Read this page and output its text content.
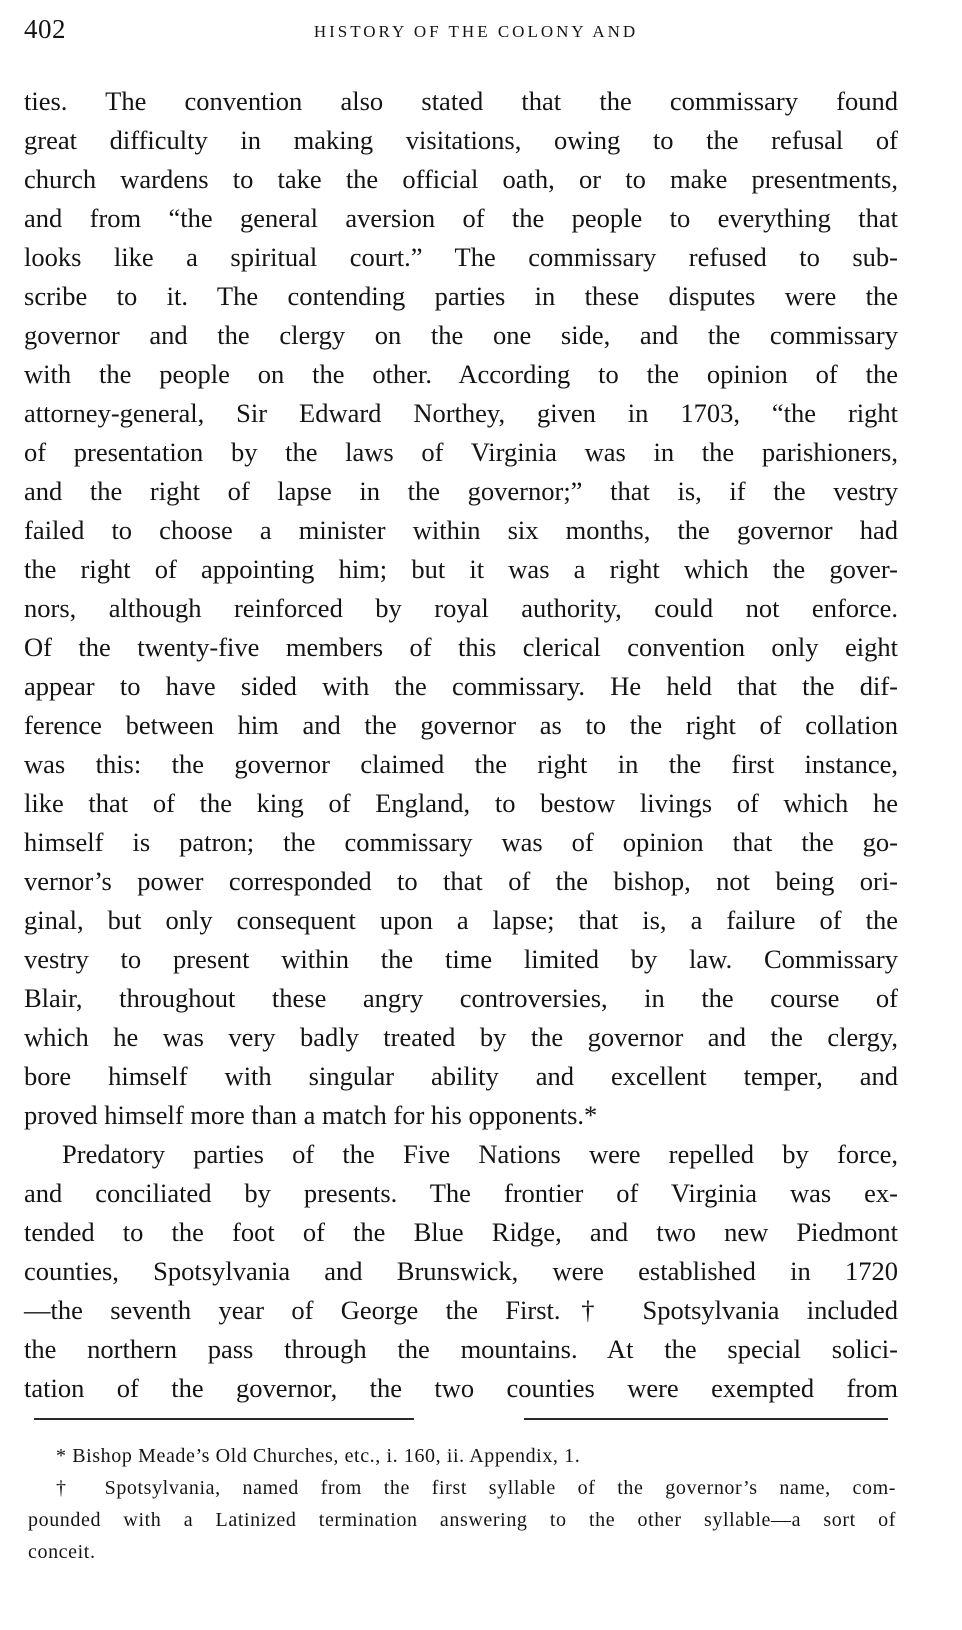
402	HISTORY OF THE COLONY AND
ties. The convention also stated that the commissary found
great difficulty in making visitations, owing to the refusal of
church wardens to take the official oath, or to make presentments,
and from “the general aversion of the people to everything that
looks like a spiritual court.” The commissary refused to sub-
scribe to it. The contending parties in these disputes were the
governor and the clergy on the one side, and the commissary
with the people on the other. According to the opinion of the
attorney-general, Sir Edward Northey, given in 1703, “the right
of presentation by the laws of Virginia was in the parishioners,
and the right of lapse in the governor;” that is, if the vestry
failed to choose a minister within six months, the governor had
the right of appointing him; but it was a right which the gover-
nors, although reinforced by royal authority, could not enforce.
Of the twenty-five members of this clerical convention only eight
appear to have sided with the commissary. He held that the dif-
ference between him and the governor as to the right of collation
was this: the governor claimed the right in the first instance,
like that of the king of England, to bestow livings of which he
himself is patron; the commissary was of opinion that the go-
vernor’s power corresponded to that of the bishop, not being ori-
ginal, but only consequent upon a lapse; that is, a failure of the
vestry to present within the time limited by law. Commissary
Blair, throughout these angry controversies, in the course of
which he was very badly treated by the governor and the clergy,
bore himself with singular ability and excellent temper, and
proved himself more than a match for his opponents.*
Predatory parties of the Five Nations were repelled by force,
and conciliated by presents. The frontier of Virginia was ex-
tended to the foot of the Blue Ridge, and two new Piedmont
counties, Spotsylvania and Brunswick, were established in 1720
—the seventh year of George the First.† Spotsylvania included
the northern pass through the mountains. At the special solici-
tation of the governor, the two counties were exempted from
* Bishop Meade’s Old Churches, etc., i. 160, ii. Appendix, 1.
† Spotsylvania, named from the first syllable of the governor’s name, com-
pounded with a Latinized termination answering to the other syllable—a sort of
conceit.
